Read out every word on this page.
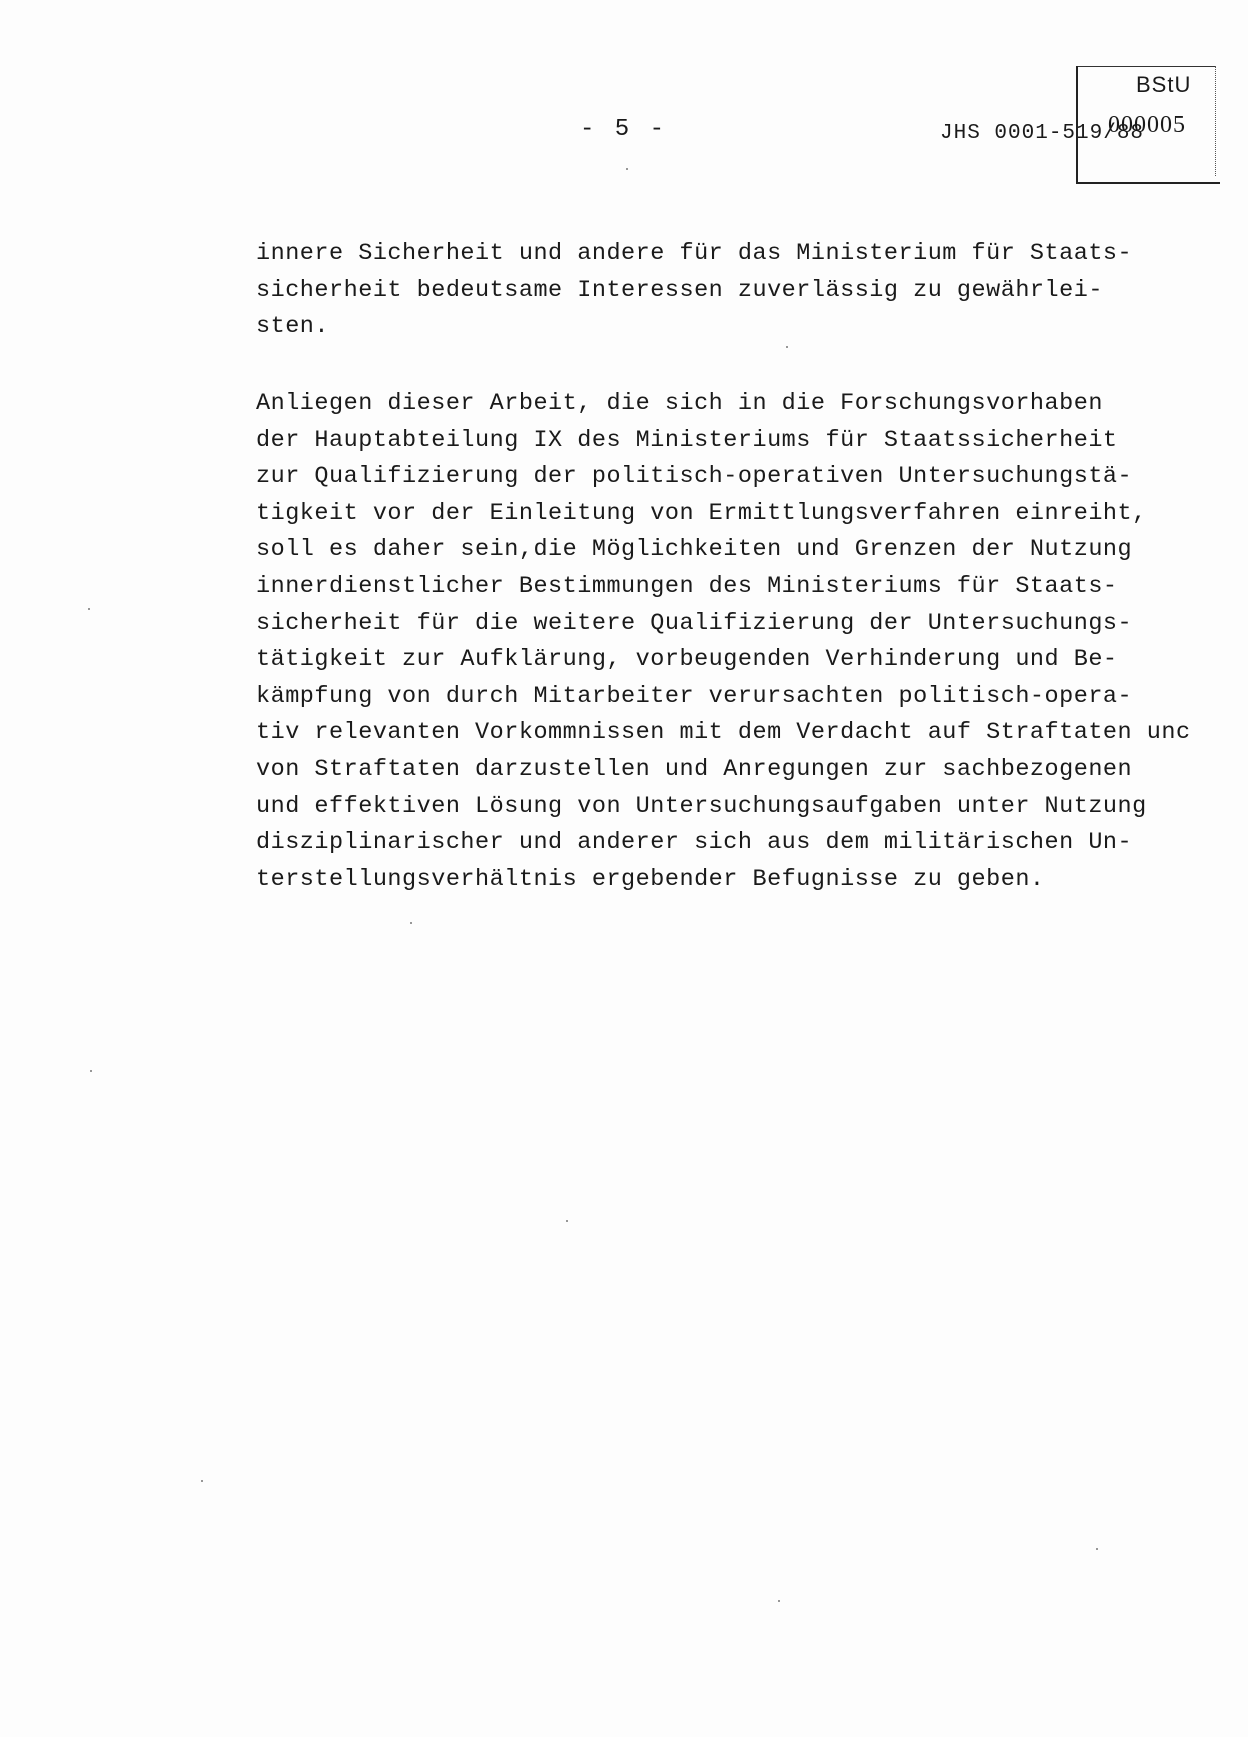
- 5 -	JHS 0001-519/88
BStU
000005
innere Sicherheit und andere für das Ministerium für Staats-
sicherheit bedeutsame Interessen zuverlässig zu gewährlei-
sten.
Anliegen dieser Arbeit, die sich in die Forschungsvorhaben
der Hauptabteilung IX des Ministeriums für Staatssicherheit
zur Qualifizierung der politisch-operativen Untersuchungstä-
tigkeit vor der Einleitung von Ermittlungsverfahren einreiht,
soll es daher sein,die Möglichkeiten und Grenzen der Nutzung
innerdienstlicher Bestimmungen des Ministeriums für Staats-
sicherheit für die weitere Qualifizierung der Untersuchungs-
tätigkeit zur Aufklärung, vorbeugenden Verhinderung und Be-
kämpfung von durch Mitarbeiter verursachten politisch-opera-
tiv relevanten Vorkommnissen mit dem Verdacht auf Straftaten unc
von Straftaten darzustellen und Anregungen zur sachbezogenen
und effektiven Lösung von Untersuchungsaufgaben unter Nutzung
disziplinarischer und anderer sich aus dem militärischen Un-
terstellungsverhältnis ergebender Befugnisse zu geben.
